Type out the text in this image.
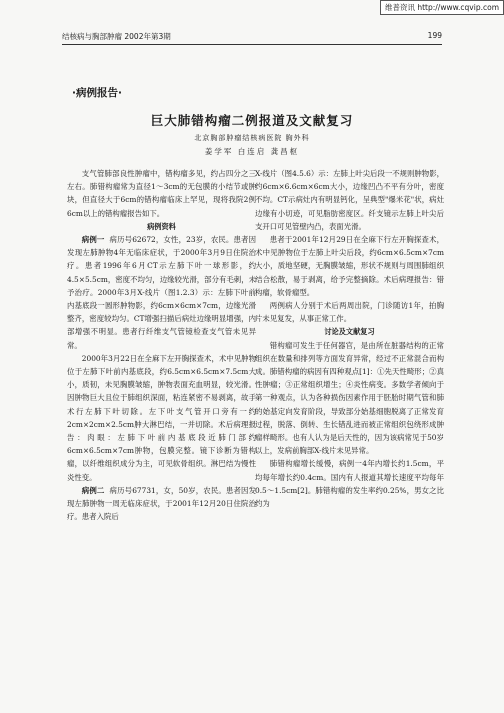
维普资讯 http://www.cqvip.com
结核病与胸部肿瘤 2002年第3期	199
·病例报告·
巨大肺错构瘤二例报道及文献复习
北京胸部肿瘤结核病医院 胸外科
姜学军 白连启 龚昌枢

支气管肺部良性肿瘤中，错构瘤多见，约占四分之三左右。肺错构瘤常为直径1～3cm的无包膜的小结节或肿块，但直径大于6cm的错构瘤临床上罕见，现将我院2例6cm以上的错构瘤报告如下。

病例资料

病例一 病历号62672，女性，23岁，农民。患者因发现左肺肿物4年无临床症状，于2000年3月9日住院治疗。患者1996年6月CT示左肺下叶一球形影，约4.5×5.5cm，密度不均匀，边缘较光滑，部分有毛刺，未予治疗。2000年3月X-线片（图1.2.3）示：左肺下叶前内基底段一圆形肿物影，约6cm×6cm×7cm，边缘光滑整齐，密度较均匀。CT增强扫描后病灶边缘明显增强，内部增强不明显。患者行纤维支气管镜检查支气管未见异常。

2000年3月22日在全麻下左开胸探查术，术中见肿物位于左肺下叶前内基底段，约6.5cm×6.5cm×7.5cm大小，质韧，未见胸膜皱缩，肿物表面充血明显，较光滑。因肿物巨大且位于肺组织深面，粘连紧密不易剥离，故手术行左肺下叶切除。左下叶支气管开口旁有一约2cm×2cm×2.5cm肿大淋巴结，一并切除。术后病理报告：肉眼：左肺下叶前内基底段近肺门部约6cm×6.5cm×7cm肿物，包膜完整。镜下诊断为错构瘤，以纤维组织成分为主，可见软骨组织。淋巴结为慢性炎性变。

病例二 病历号67731，女，50岁，农民。患者因发现左肺肿物一周无临床症状，于2001年12月20日住院治疗。患者入院后

X-线片（图4.5.6）示：左肺上叶尖后段一不规则肿物影，约6cm×6.6cm×6cm大小，边缘凹凸不平有分叶，密度不均。CT示病灶内有明显钙化，呈典型"爆米花"状，病灶边缘有小切迹，可见脂肪密度区。纤支镜示左肺上叶尖后支开口可见管壁内凸，表面光滑。

患者于2001年12月29日在全麻下行左开胸探查术，术中见肿物位于左肺上叶尖后段，约6cm×6.5cm×7cm大小，质地坚硬，无胸膜皱缩，形状不规则与周围肺组织结合松散，易于剥离，给予完整摘除。术后病理报告：错构瘤，软骨瘤型。

两例病人分别于术后两周出院，门诊随访1年，拍胸片未见复发，从事正常工作。

讨论及文献复习

错构瘤可发生于任何器官，是由所在脏器结构的正常组织在数量和排列等方面发育异常，经过不正常混合而构成。肺错构瘤的病因有四种观点[1]：①先天性畸形；②真性肿瘤；③正常组织增生；④炎性病变。多数学者倾向于第一种观点，认为各种损伤因素作用于胚胎时期气管和肺的始基定向发育阶段，导致部分始基细胞脱离了正常发育过程，脱落、倒转、生长错乱进而被正常组织包绕形成肿瘤样畸形。也有人认为是后天性的，因为该病常见于50岁以上，发病前胸部X-线片未见异常。

肺错构瘤增长缓慢，病例一4年内增长约1.5cm，平均每年增长约0.4cm。国内有人报道其增长速度平均每年0.5～1.5cm[2]。肺错构瘤的发生率约0.25%，男女之比约为
